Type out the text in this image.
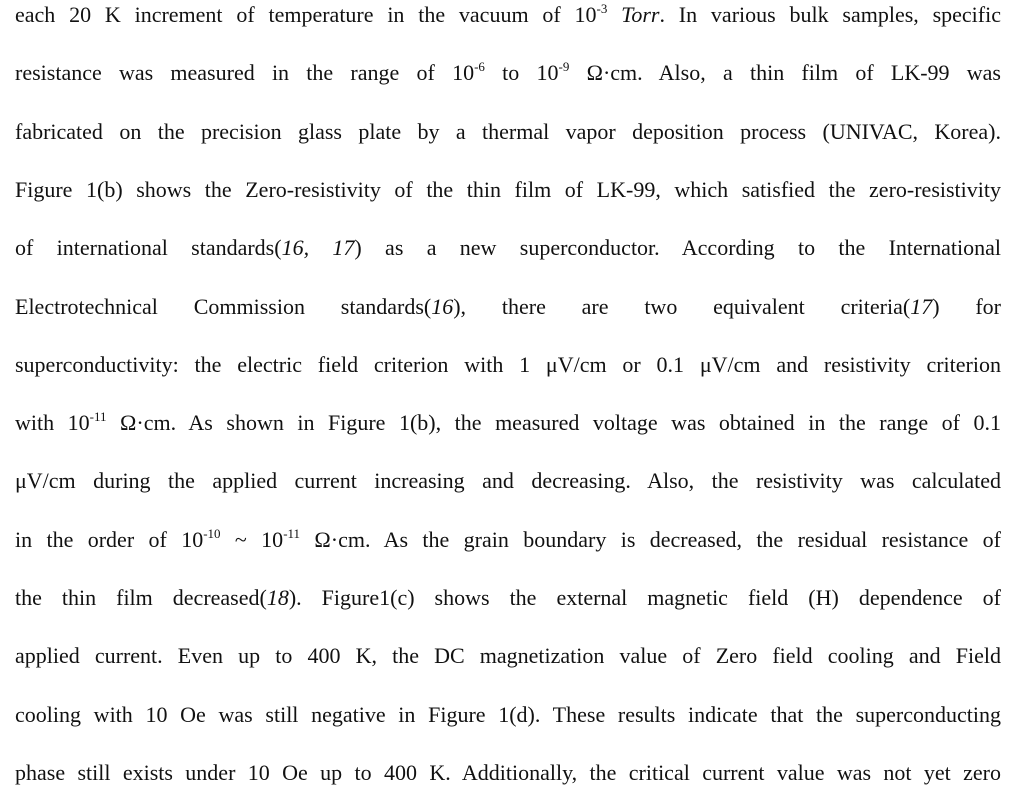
each 20 K increment of temperature in the vacuum of $10^{-3}$ Torr. In various bulk samples, specific
resistance was measured in the range of $10^{-6}$ to $10^{-9}$ Ω·cm. Also, a thin film of LK-99 was
fabricated on the precision glass plate by a thermal vapor deposition process (UNIVAC, Korea).
Figure 1(b) shows the Zero-resistivity of the thin film of LK-99, which satisfied the zero-resistivity
of international standards(16, 17) as a new superconductor. According to the International
Electrotechnical Commission standards(16), there are two equivalent criteria(17) for
superconductivity: the electric field criterion with 1 μV/cm or 0.1 μV/cm and resistivity criterion
with $10^{-11}$ Ω·cm. As shown in Figure 1(b), the measured voltage was obtained in the range of 0.1
μV/cm during the applied current increasing and decreasing. Also, the resistivity was calculated
in the order of $10^{-10}$ ~ $10^{-11}$ Ω·cm. As the grain boundary is decreased, the residual resistance of
the thin film decreased(18). Figure1(c) shows the external magnetic field (H) dependence of
applied current. Even up to 400 K, the DC magnetization value of Zero field cooling and Field
cooling with 10 Oe was still negative in Figure 1(d). These results indicate that the superconducting
phase still exists under 10 Oe up to 400 K. Additionally, the critical current value was not yet zero
